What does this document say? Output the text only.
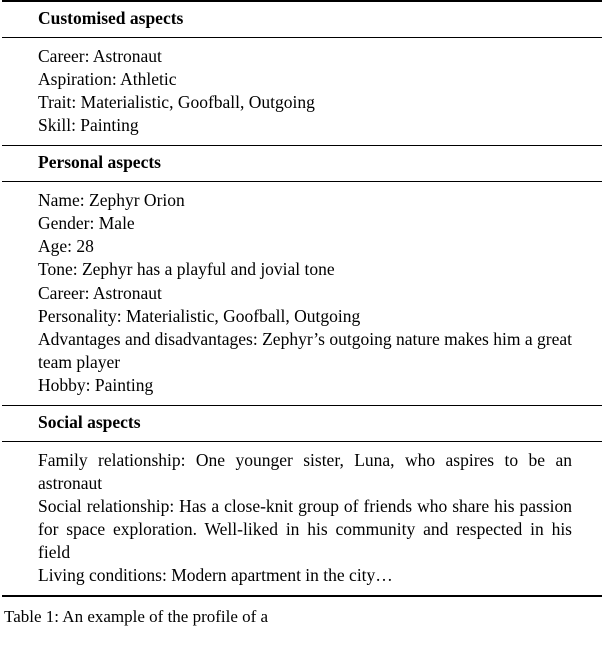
Customised aspects
Career: Astronaut
Aspiration: Athletic
Trait: Materialistic, Goofball, Outgoing
Skill: Painting
Personal aspects
Name: Zephyr Orion
Gender: Male
Age: 28
Tone: Zephyr has a playful and jovial tone
Career: Astronaut
Personality: Materialistic, Goofball, Outgoing
Advantages and disadvantages: Zephyr’s outgoing nature makes him a great team player
Hobby: Painting
Social aspects
Family relationship: One younger sister, Luna, who aspires to be an astronaut
Social relationship: Has a close-knit group of friends who share his passion for space exploration. Well-liked in his community and respected in his field
Living conditions: Modern apartment in the city…
Table 1: An example of the profile of a
